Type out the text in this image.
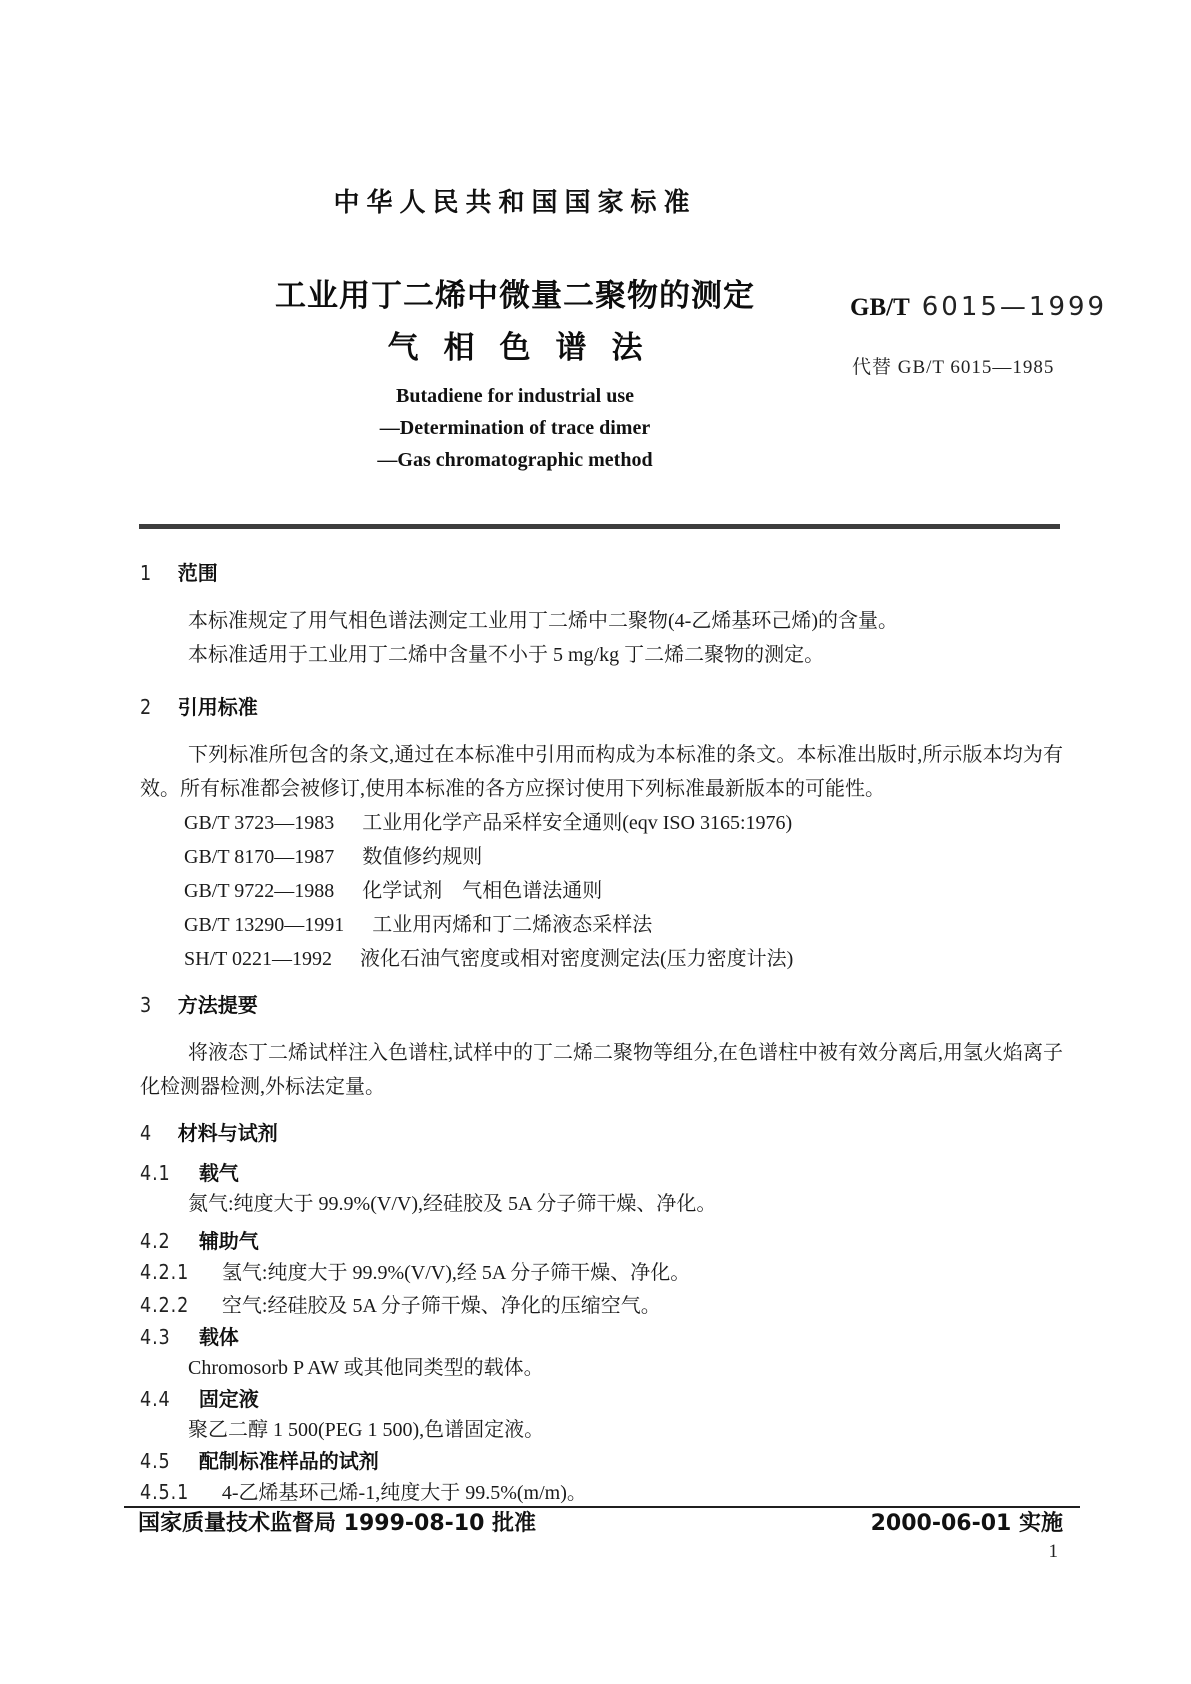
中华人民共和国国家标准
工业用丁二烯中微量二聚物的测定
气相色谱法
GB/T 6015—1999
代替 GB/T 6015—1985
Butadiene for industrial use
—Determination of trace dimer
—Gas chromatographic method
1 范围

本标准规定了用气相色谱法测定工业用丁二烯中二聚物(4-乙烯基环己烯)的含量。

本标准适用于工业用丁二烯中含量不小于 5 mg/kg 丁二烯二聚物的测定。

2 引用标准

下列标准所包含的条文,通过在本标准中引用而构成为本标准的条文。本标准出版时,所示版本均为有效。所有标准都会被修订,使用本标准的各方应探讨使用下列标准最新版本的可能性。

GB/T 3723—1983 工业用化学产品采样安全通则(eqv ISO 3165:1976)

GB/T 8170—1987 数值修约规则

GB/T 9722—1988 化学试剂　气相色谱法通则

GB/T 13290—1991 工业用丙烯和丁二烯液态采样法

SH/T 0221—1992 液化石油气密度或相对密度测定法(压力密度计法)

3 方法提要

将液态丁二烯试样注入色谱柱,试样中的丁二烯二聚物等组分,在色谱柱中被有效分离后,用氢火焰离子化检测器检测,外标法定量。

4 材料与试剂
4.1 载气

氮气:纯度大于 99.9%(V/V),经硅胶及 5A 分子筛干燥、净化。

4.2 辅助气

4.2.1 氢气:纯度大于 99.9%(V/V),经 5A 分子筛干燥、净化。

4.2.2 空气:经硅胶及 5A 分子筛干燥、净化的压缩空气。

4.3 载体

Chromosorb P AW 或其他同类型的载体。

4.4 固定液

聚乙二醇 1 500(PEG 1 500),色谱固定液。

4.5 配制标准样品的试剂

4.5.1 4-乙烯基环己烯-1,纯度大于 99.5%(m/m)。

国家质量技术监督局 1999-08-10 批准	2000-06-01 实施
1
